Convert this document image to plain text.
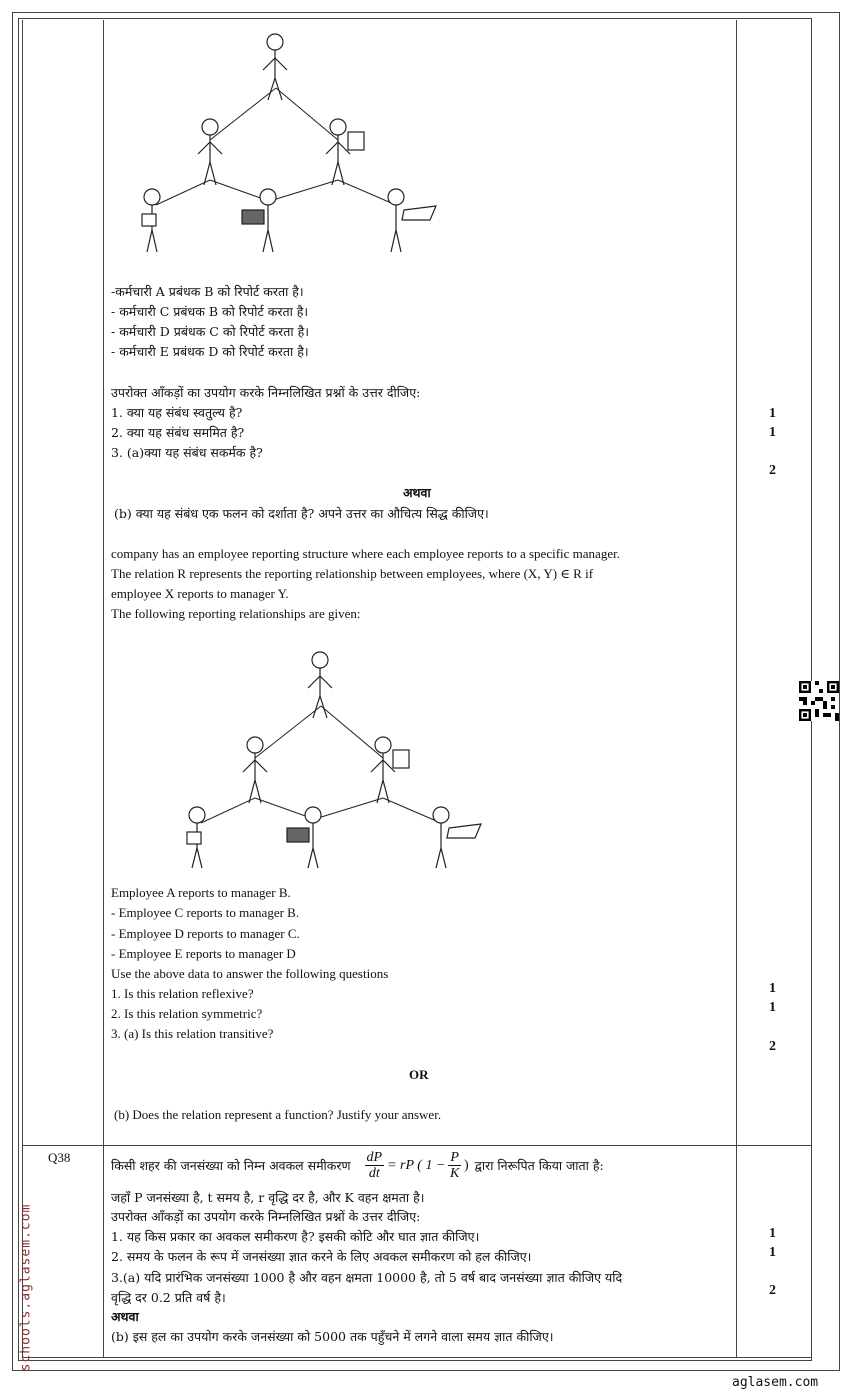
-कर्मचारी A प्रबंधक B को रिपोर्ट करता है।
- कर्मचारी C प्रबंधक B को रिपोर्ट करता है।
- कर्मचारी D प्रबंधक C को रिपोर्ट करता है।
- कर्मचारी E प्रबंधक D को रिपोर्ट करता है।
उपरोक्त आँकड़ों का उपयोग करके निम्नलिखित प्रश्नों के उत्तर दीजिए:
1. क्या यह संबंध स्वतुल्य है?
2. क्या यह संबंध सममित है?
3. (a)क्या यह संबंध सकर्मक है?
अथवा
(b) क्या यह संबंध एक फलन को दर्शाता है? अपने उत्तर का औचित्य सिद्ध कीजिए।
1
1
2
company has an employee reporting structure where each employee reports to a specific manager.
The relation R represents the reporting relationship between employees, where (X, Y) ∈ R if
employee X reports to manager Y.
The following reporting relationships are given:
Employee A reports to manager B.
- Employee C reports to manager B.
- Employee D reports to manager C.
- Employee E reports to manager D
Use the above data to answer the following questions
1. Is this relation reflexive?
2. Is this relation symmetric?
3. (a) Is this relation transitive?
OR
(b) Does the relation represent a function? Justify your answer.
1
1
2
Q38	किसी शहर की जनसंख्या को निम्न अवकल समीकरण $\frac{dP}{dt}$ = rP ( $1 - \frac{P}{K}$ ) द्वारा निरूपित किया जाता है:
जहाँ P जनसंख्या है, t समय है, r वृद्धि दर है, और K वहन क्षमता है।
उपरोक्त आँकड़ों का उपयोग करके निम्नलिखित प्रश्नों के उत्तर दीजिए:
1. यह किस प्रकार का अवकल समीकरण है? इसकी कोटि और घात ज्ञात कीजिए।
2. समय के फलन के रूप में जनसंख्या ज्ञात करने के लिए अवकल समीकरण को हल कीजिए।
3.(a) यदि प्रारंभिक जनसंख्या 1000 है और वहन क्षमता 10000 है, तो 5 वर्ष बाद जनसंख्या ज्ञात कीजिए यदि
वृद्धि दर 0.2 प्रति वर्ष है।
अथवा
(b) इस हल का उपयोग करके जनसंख्या को 5000 तक पहुँचने में लगने वाला समय ज्ञात कीजिए।
1
1
2
schools.aglasem.com
aglasem.com
